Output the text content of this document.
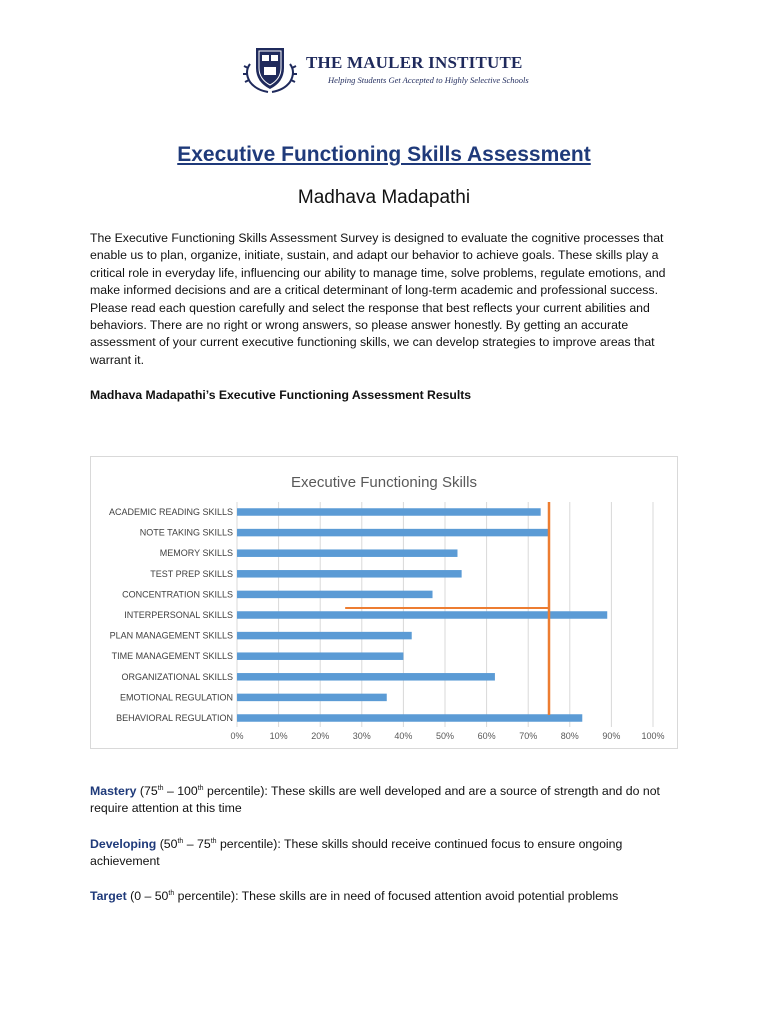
THE MAULER INSTITUTE
Helping Students Get Accepted to Highly Selective Schools
Executive Functioning Skills Assessment
Madhava Madapathi
The Executive Functioning Skills Assessment Survey is designed to evaluate the cognitive processes that enable us to plan, organize, initiate, sustain, and adapt our behavior to achieve goals. These skills play a critical role in everyday life, influencing our ability to manage time, solve problems, regulate emotions, and make informed decisions and are a critical determinant of long-term academic and professional success. Please read each question carefully and select the response that best reflects your current abilities and behaviors. There are no right or wrong answers, so please answer honestly. By getting an accurate assessment of your current executive functioning skills, we can develop strategies to improve areas that warrant it.
Madhava Madapathi’s Executive Functioning Assessment Results
Executive Functioning Skills
ACADEMIC READING SKILLS
NOTE TAKING SKILLS
MEMORY SKILLS
TEST PREP SKILLS
CONCENTRATION SKILLS
INTERPERSONAL SKILLS
PLAN MANAGEMENT SKILLS
TIME MANAGEMENT SKILLS
ORGANIZATIONAL SKILLS
EMOTIONAL REGULATION
BEHAVIORAL REGULATION
0%	10%	20%	30%	40%	50%	60%	70%	80%	90% 100%
Mastery (75th – 100th percentile): These skills are well developed and are a source of strength and do not require attention at this time
Developing (50th – 75th percentile): These skills should receive continued focus to ensure ongoing achievement
Target (0 – 50th percentile): These skills are in need of focused attention avoid potential problems
